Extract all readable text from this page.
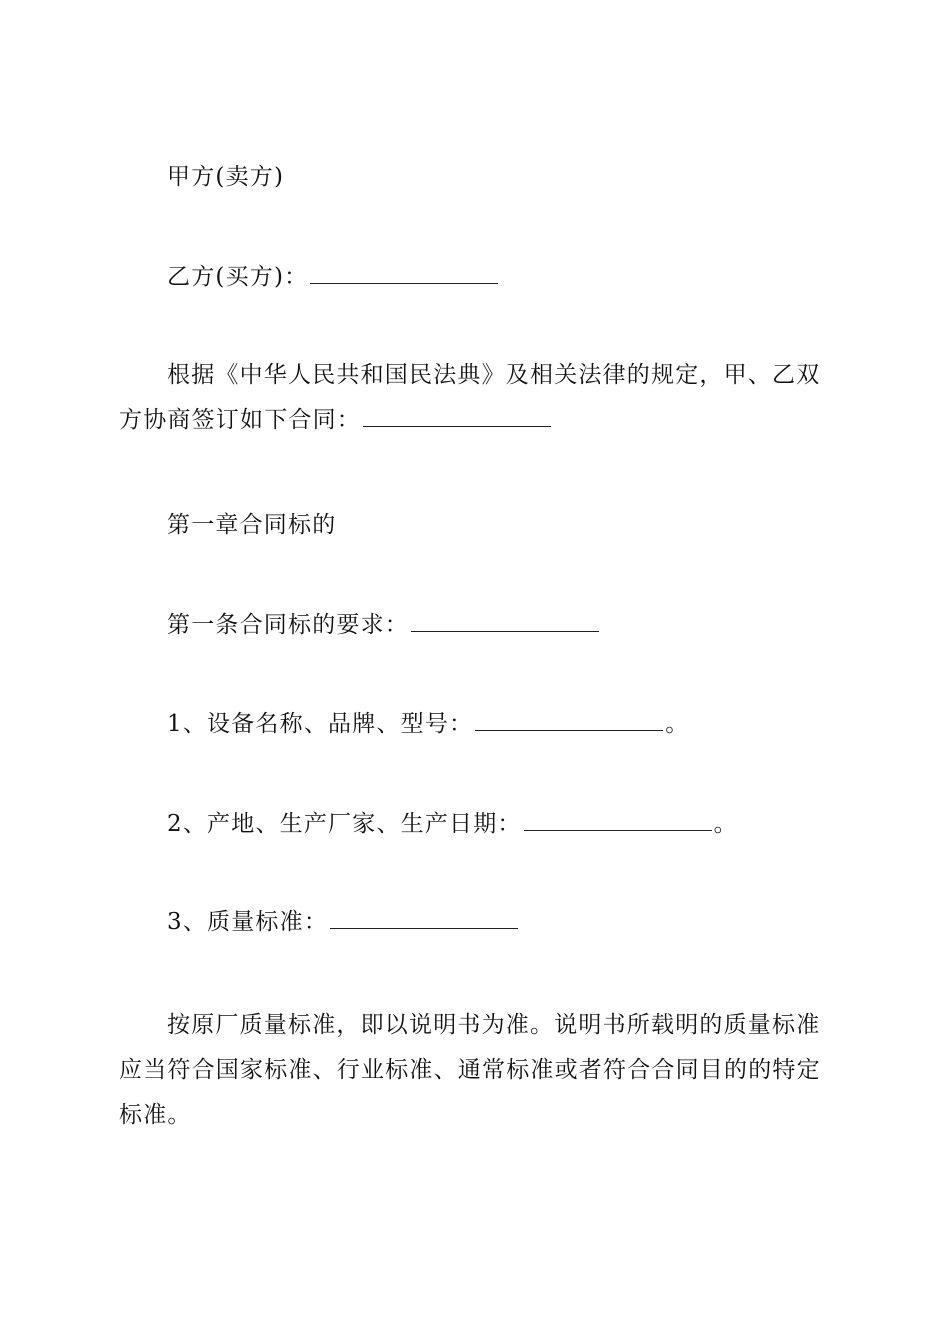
甲方(卖方)
乙方(买方)：
根据《中华人民共和国民法典》及相关法律的规定，甲、乙双方协商签订如下合同：
第一章合同标的
第一条合同标的要求：
1、设备名称、品牌、型号：	。
2、产地、生产厂家、生产日期：	。
3、质量标准：
按原厂质量标准，即以说明书为准。说明书所载明的质量标准应当符合国家标准、行业标准、通常标准或者符合合同目的的特定标准。
